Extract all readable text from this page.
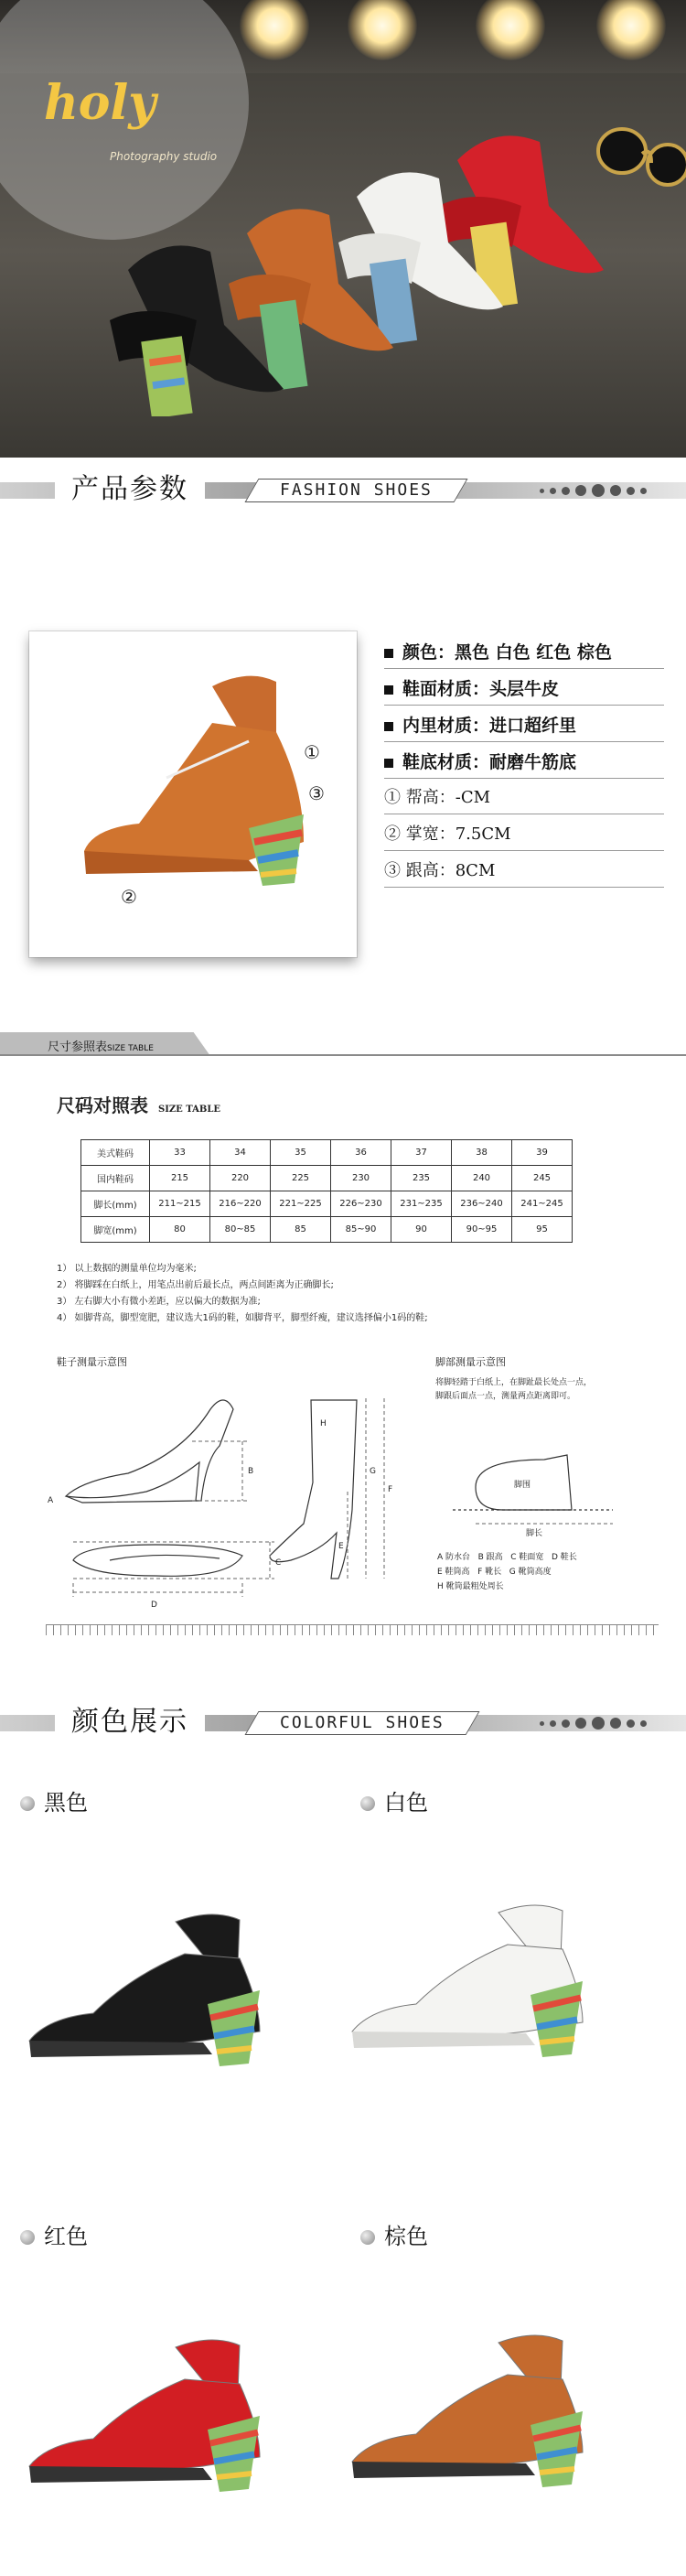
holy
Photography studio
产品参数	FASHION SHOES
①
③
②
颜色：黑色 白色 红色 棕色
鞋面材质：头层牛皮
内里材质：进口超纤里
鞋底材质：耐磨牛筋底
① 帮高：-CM
② 掌宽：7.5CM
③ 跟高：8CM
尺寸参照表SIZE TABLE
尺码对照表 SIZE TABLE
美式鞋码	33	34	35	36	37	38	39
国内鞋码	215	220	225	230	235	240	245
脚长(mm)	211~215	216~220	221~225	226~230	231~235	236~240	241~245
脚宽(mm)	80	80~85	85	85~90	90	90~95	95
1） 以上数据的测量单位均为毫米;
2） 将脚踩在白纸上，用笔点出前后最长点，两点间距离为正确脚长;
3） 左右脚大小有微小差距，应以偏大的数据为准;
4） 如脚背高，脚型宽肥，建议选大1码的鞋，如脚背平，脚型纤瘦，建议选择偏小1码的鞋;
鞋子测量示意图	脚部测量示意图
将脚轻踏于白纸上，在脚趾最长处点一点，
脚跟后面点一点，测量两点距离即可。
A
B
C
D
E
F
G
H
脚围
脚长
A 防水台 B 跟高 C 鞋面宽 D 鞋长
E 鞋筒高 F 靴长 G 靴筒高度
H 靴筒最粗处周长
颜色展示	COLORFUL SHOES
黑色	白色
红色	棕色
